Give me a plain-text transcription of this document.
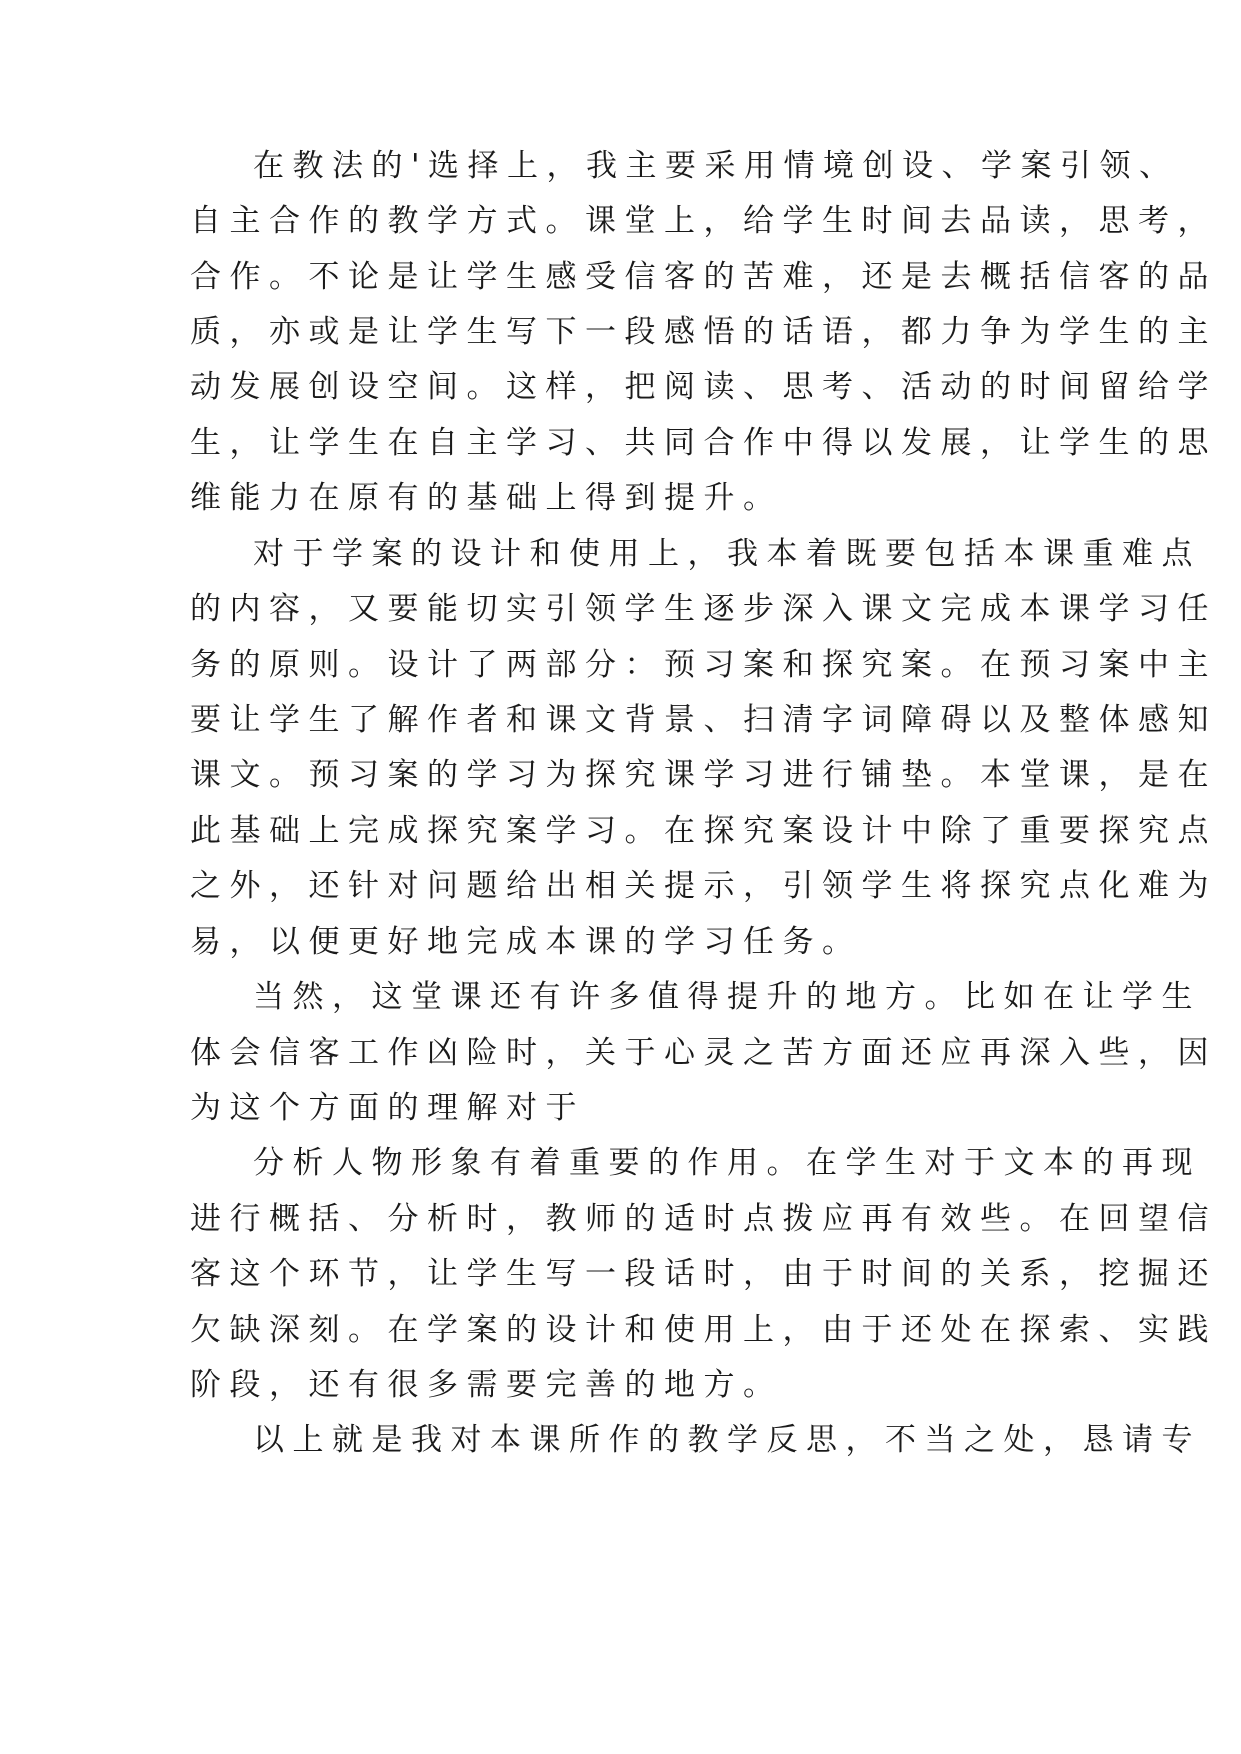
在教法的'选择上，我主要采用情境创设、学案引领、
自主合作的教学方式。课堂上，给学生时间去品读，思考，
合作。不论是让学生感受信客的苦难，还是去概括信客的品
质，亦或是让学生写下一段感悟的话语，都力争为学生的主
动发展创设空间。这样，把阅读、思考、活动的时间留给学
生，让学生在自主学习、共同合作中得以发展，让学生的思
维能力在原有的基础上得到提升。
对于学案的设计和使用上，我本着既要包括本课重难点
的内容，又要能切实引领学生逐步深入课文完成本课学习任
务的原则。设计了两部分：预习案和探究案。在预习案中主
要让学生了解作者和课文背景、扫清字词障碍以及整体感知
课文。预习案的学习为探究课学习进行铺垫。本堂课，是在
此基础上完成探究案学习。在探究案设计中除了重要探究点
之外，还针对问题给出相关提示，引领学生将探究点化难为
易，以便更好地完成本课的学习任务。
当然，这堂课还有许多值得提升的地方。比如在让学生
体会信客工作凶险时，关于心灵之苦方面还应再深入些，因
为这个方面的理解对于
分析人物形象有着重要的作用。在学生对于文本的再现
进行概括、分析时，教师的适时点拨应再有效些。在回望信
客这个环节，让学生写一段话时，由于时间的关系，挖掘还
欠缺深刻。在学案的设计和使用上，由于还处在探索、实践
阶段，还有很多需要完善的地方。
以上就是我对本课所作的教学反思，不当之处，恳请专
